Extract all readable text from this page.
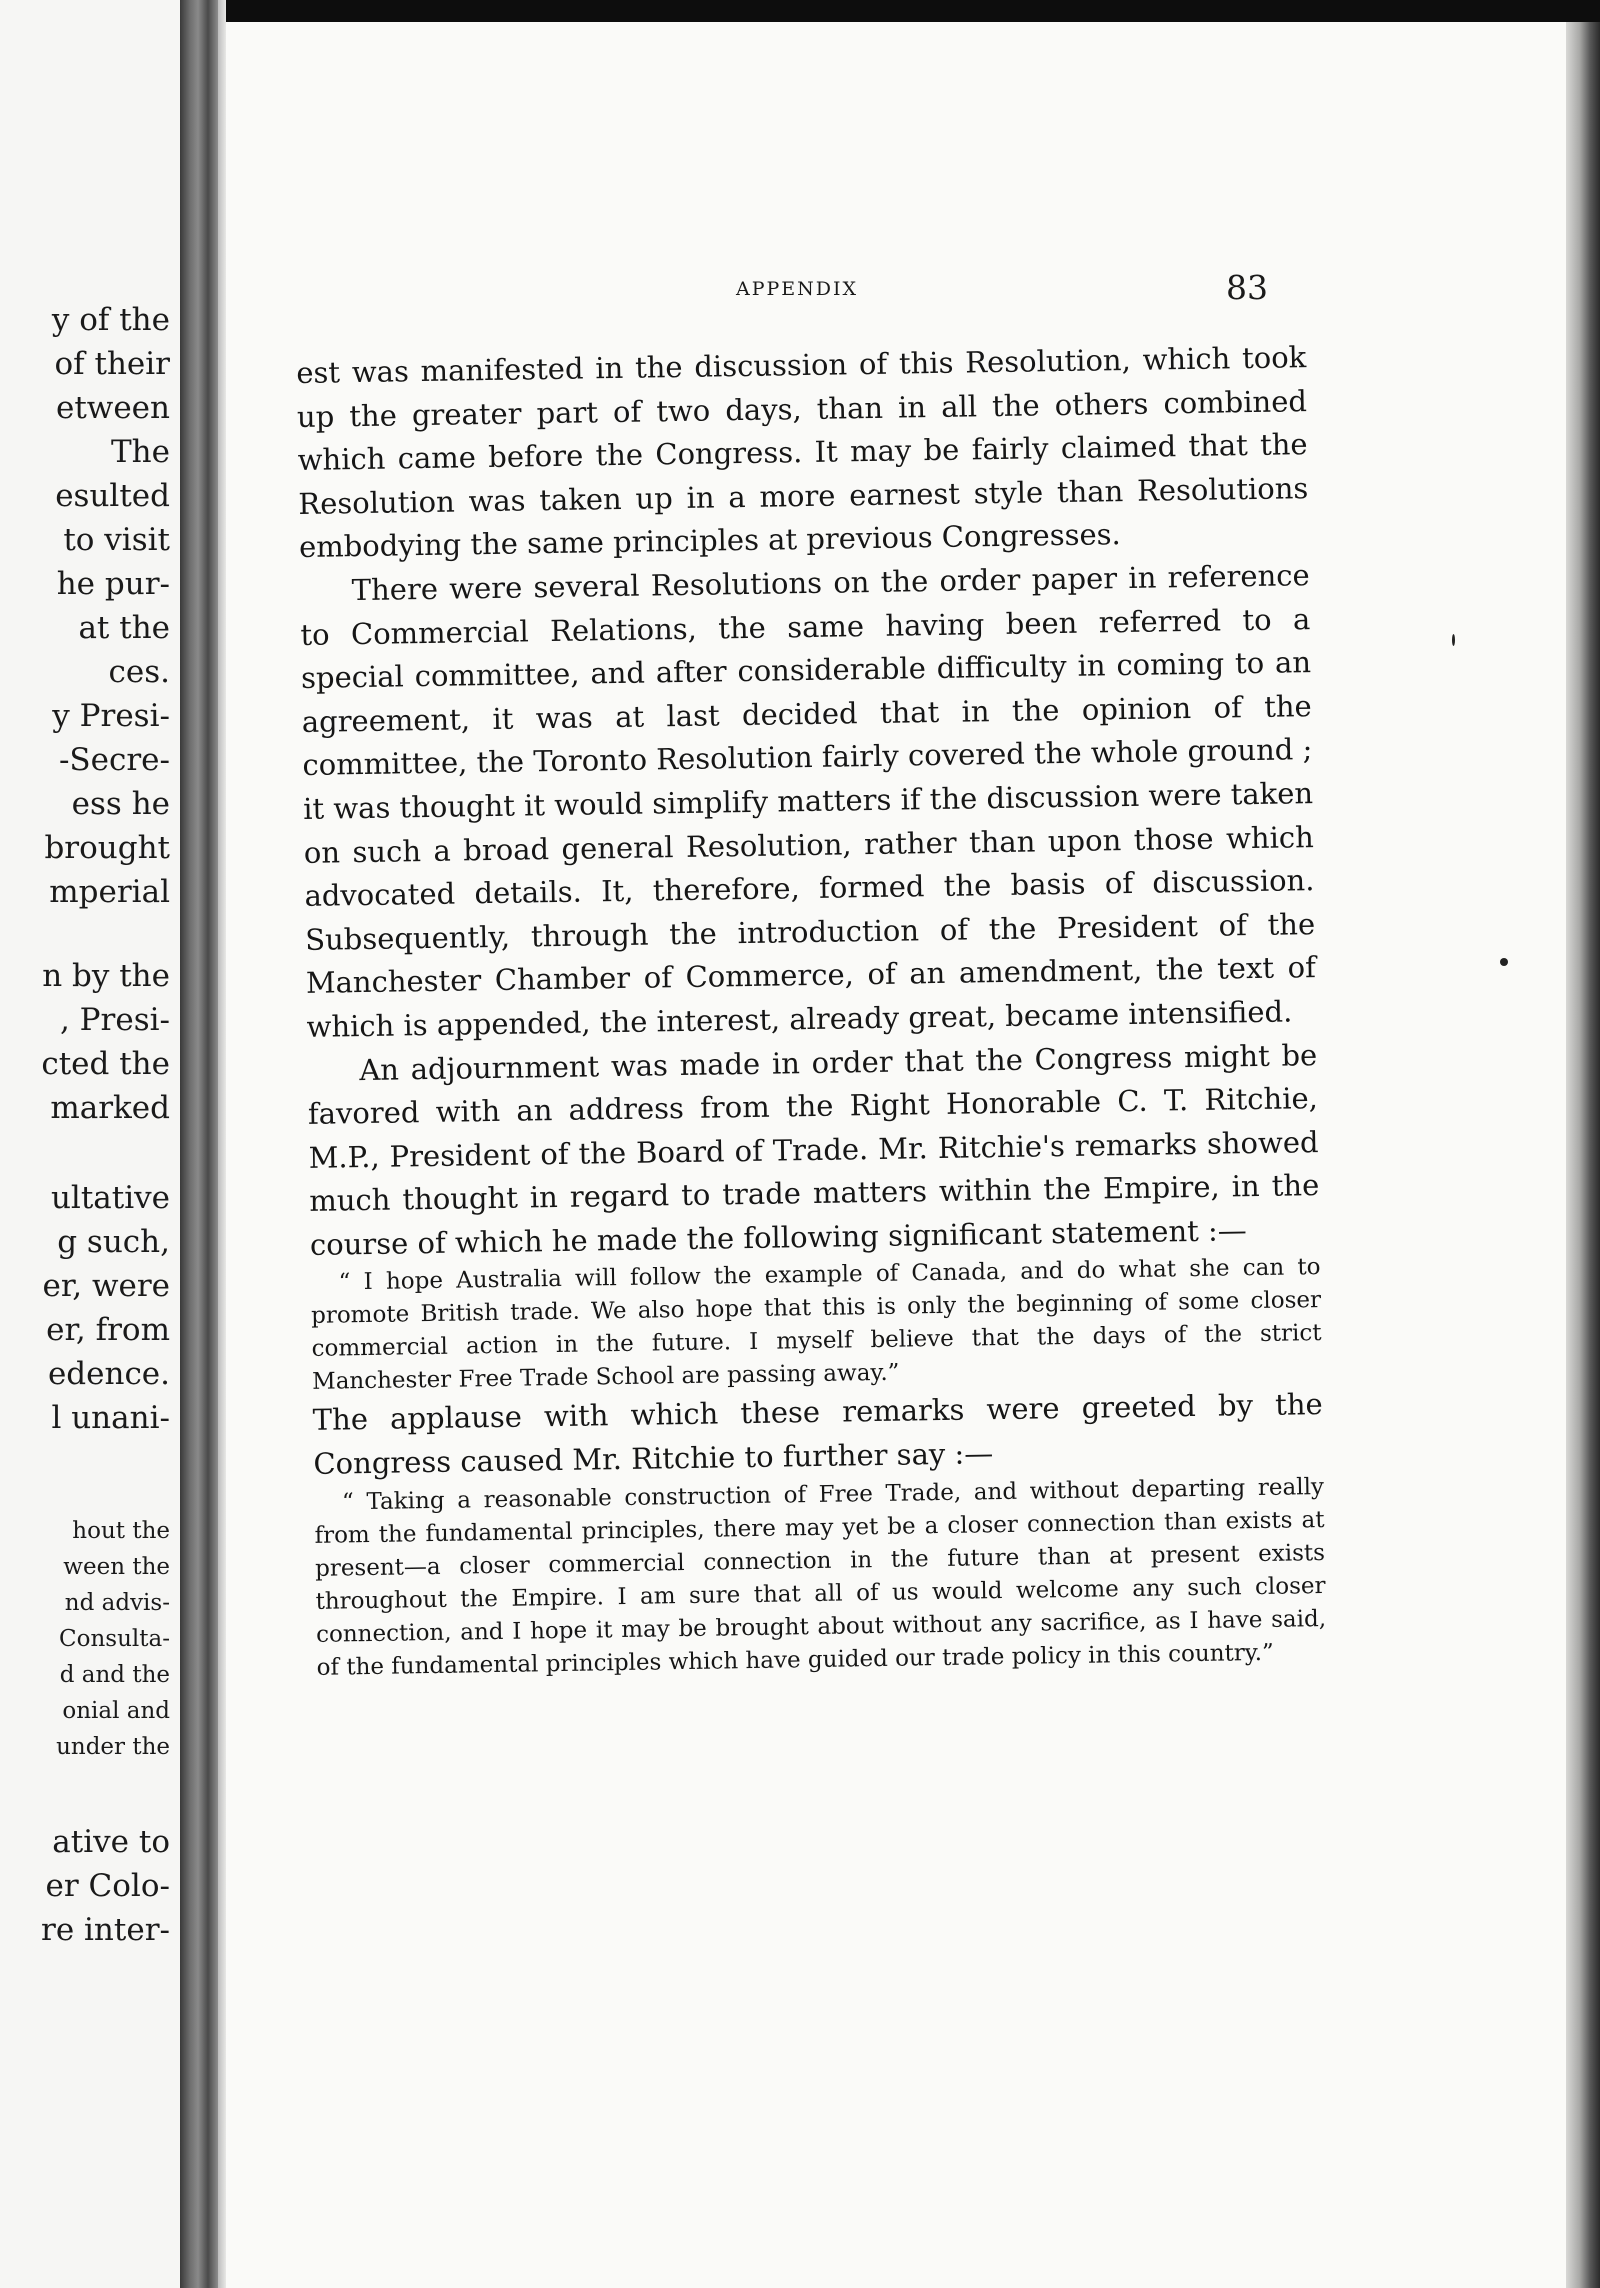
y of the
of their
etween
The
esulted
to visit
he pur-
at the
ces.
y Presi-
-Secre-
ess he
brought
mperial
n by the
, Presi-
cted the
marked
ultative
g such,
er, were
er, from
edence.
l unani-
hout the
ween the
nd advis-
Consulta-
d and the
onial and
under the
ative to
er Colo-
re inter-
APPENDIX	83

est was manifested in the discussion of this Resolution, which took up the greater part of two days, than in all the others combined which came before the Congress. It may be fairly claimed that the Resolution was taken up in a more earnest style than Resolutions embodying the same principles at previous Congresses.

There were several Resolutions on the order paper in reference to Commercial Relations, the same having been referred to a special committee, and after considerable difficulty in coming to an agreement, it was at last decided that in the opinion of the committee, the Toronto Resolution fairly covered the whole ground ; it was thought it would simplify matters if the discussion were taken on such a broad general Resolution, rather than upon those which advocated details. It, therefore, formed the basis of discussion. Subsequently, through the introduction of the President of the Manchester Chamber of Commerce, of an amendment, the text of which is appended, the interest, already great, became intensified.

An adjournment was made in order that the Congress might be favored with an address from the Right Honorable C. T. Ritchie, M.P., President of the Board of Trade. Mr. Ritchie's remarks showed much thought in regard to trade matters within the Empire, in the course of which he made the following significant statement :—

“ I hope Australia will follow the example of Canada, and do what she can to promote British trade. We also hope that this is only the beginning of some closer commercial action in the future. I myself believe that the days of the strict Manchester Free Trade School are passing away.”

The applause with which these remarks were greeted by the Congress caused Mr. Ritchie to further say :—

“ Taking a reasonable construction of Free Trade, and without departing really from the fundamental principles, there may yet be a closer connection than exists at present—a closer commercial connection in the future than at present exists throughout the Empire. I am sure that all of us would welcome any such closer connection, and I hope it may be brought about without any sacrifice, as I have said, of the fundamental principles which have guided our trade policy in this country.”
